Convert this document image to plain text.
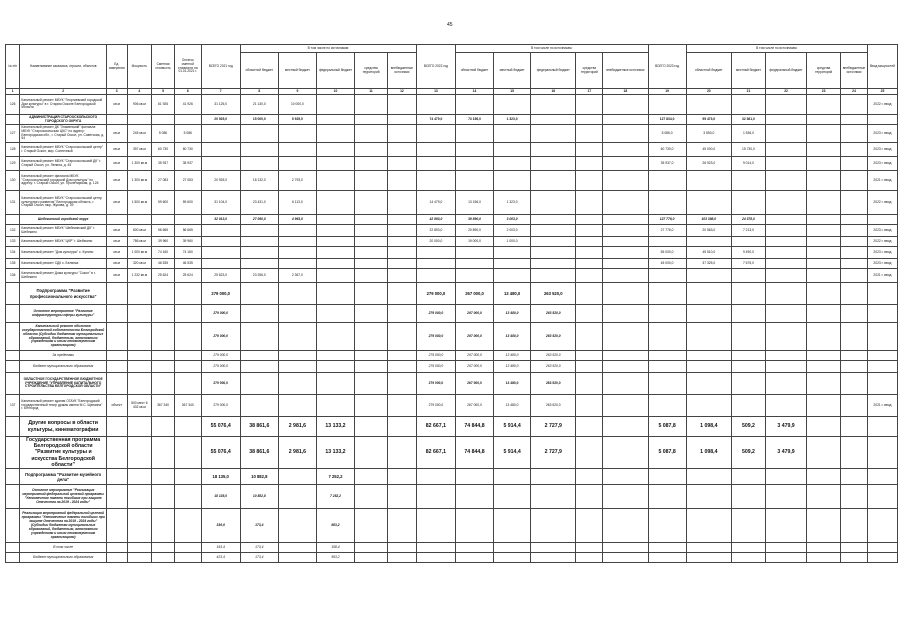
45
№ п/п	Наименование заказчика, отрасли, объектов	Ед. измерения	Мощность	Сметная стоимость	Остаток сметной стоимости на 01.01.2021 г.	ВСЕГО 2021 год	В том числе по источникам:					ВСЕГО 2022 год	В том числе по источникам:					ВСЕГО 2023 год	В том числе по источникам:					Ввод мощностей
							областной бюджет	местный бюджет	федеральный бюджет	средства территорий	внебюджетные источники		областной бюджет	местный бюджет	федеральный бюджет	средства территорий	внебюджетные источники		областной бюджет	местный бюджет	федеральный бюджет	средства территорий	внебюджетные источники	
1	2	3	4	5	6	7	8	9	10	11	12	13	14	15	16	17	18	19	20	21	22	23	24	25
126	Капитальный ремонт МБУК "Георгиевский городской Дом культуры" в г. Старом Осколе Белгородской области	кв.м	906 кв.м	61 926	41 926	31 125,0	21 130,0	10 000,0																2022 г. ввод
	АДМИНИСТРАЦИЯ СТАРООСКОЛЬСКОГО ГОРОДСКОГО ОКРУГА					20 925,0	15 000,0	5 925,0				74 479,0	73 156,0	1 323,0				127 834,0	95 473,0	32 361,0				
127	Капитальный ремонт ДК "Знаменский" филиала МБУК "Старооскольская ЦКС" по адресу: Белгородская обл., г. Старый Оскол, ул. Советская, д. 54	кв.м	245 кв.м	5 086	5 086													5 086,0	3 550,0	1 536,0				2023 г. ввод
128	Капитальный ремонт МБУК "Старооскольский центр" г. Старый Оскол, мкр. Солнечный	кв.м	397 кв.м	60 730	60 730													60 730,0	45 000,0	15 730,0				2023 г. ввод
129	Капитальный ремонт МБУК "Старооскольский ДК" г. Старый Оскол, ул. Ленина, д. 45	кв.м	1 300 кв.м	35 937	35 937													35 937,0	26 923,0	9 014,0				2023 г. ввод
130	Капитальный ремонт филиала МБУК "Старооскольский городской Дом культуры" по адресу: г. Старый Оскол, ул. Пролетарская, д. 126	кв.м	1 300 кв.м	27 083	27 083	20 925,0	18 132,0	2 793,0																2021 г. ввод
131	Капитальный ремонт МБУК "Старооскольский центр культурного развития" Белгородская область, г. Старый Оскол, мкр. Жукова, д. 39	кв.м	1 500 кв.м	59 600	59 600	31 104,0	23 431,0	6 113,0				14 479,0	13 156,0	1 323,0										2022 г. ввод
	Шебекинский городской округ					32 013,0	27 050,0	4 963,0				42 893,0	39 890,0	3 003,0				127 776,0	103 398,0	24 378,0				
132	Капитальный ремонт МБУК "Шебекинский ДК" г. Шебекино	кв.м	600 кв.м	56 665	56 665							22 893,0	20 890,0	2 003,0				27 776,0	20 563,0	7 213,0				2023 г. ввод
133	Капитальный ремонт МБУК "ЦКР" г. Шебекино	кв.м	786 кв.м	39 960	39 960							20 000,0	19 000,0	1 000,0										2022 г. ввод
134	Капитальный ремонт "Дом культуры" с. Купино	кв.м	1 000 кв.м	74 160	74 160													55 000,0	45 510,0	9 490,0				2023 г. ввод
135	Капитальный ремонт СДК с. Белянка	кв.м	320 кв.м	46 535	46 535													45 000,0	37 325,0	7 675,0				2023 г. ввод
136	Капитальный ремонт Дома культуры "Сокол" в г. Шебекино	кв.м	1 232 кв.м	25 624	25 624	25 623,0	23 256,0	2 367,0																2021 г. ввод
	Подпрограмма "Развитие профессионального искусства"					279 000,0						279 000,0	267 000,0	13 480,0	263 520,0									
	Основное мероприятие "Развитие инфраструктуры сферы культуры"					279 000,0						279 000,0	267 000,0	13 480,0	263 520,0									
	Капитальный ремонт объектов государственной собственности Белгородской области (Субсидии бюджетам муниципальных образований, бюджетным, автономным учреждениям и иным некоммерческим организациям)					279 000,0						279 000,0	267 000,0	13 480,0	263 520,0									
	За пределами					279 000,0						279 000,0	267 000,0	13 480,0	263 520,0									
	Бюджет муниципального образования					279 000,0						279 000,0	267 000,0	13 480,0	263 520,0									
	ОБЛАСТНОЕ ГОСУДАРСТВЕННОЕ БЮДЖЕТНОЕ УЧРЕЖДЕНИЕ "УПРАВЛЕНИЕ КАПИТАЛЬНОГО СТРОИТЕЛЬСТВА БЕЛГОРОДСКОЙ ОБЛАСТИ"					279 000,0						279 000,0	267 000,0	13 480,0	263 520,0									
137	Капитальный ремонт здания ОГАУК "Белгородский государственный театр драмы имени М.С. Щепкина" г. Белгород	объект	500 мест 6 432 кв.м	367 340	367 340	279 000,0						279 000,0	267 000,0	13 480,0	263 520,0									2021 г. ввод
	Другие вопросы в области культуры, кинематографии					55 076,4	38 861,6	2 981,6	13 133,2			82 667,1	74 844,8	5 914,4	2 727,9			5 087,8	1 098,4	509,2	3 479,9			
	Государственная программа Белгородской области "Развитие культуры и искусства Белгородской области"					55 076,4	38 861,6	2 981,6	13 133,2			82 667,1	74 844,8	5 914,4	2 727,9			5 087,8	1 098,4	509,2	3 479,9			
	Подпрограмма "Развитие музейного дела"					18 135,0	10 882,8		7 252,2															
	Основное мероприятие "Реализация мероприятий федеральной целевой программы "Увековечение памяти погибших при защите Отечества на 2019 - 2024 годы"					18 135,0	10 882,8		7 252,2															
	Реализация мероприятий федеральной целевой программы "Увековечение памяти погибших при защите Отечества на 2019 - 2024 годы" (Субсидии бюджетам муниципальных образований, бюджетным, автономным учреждениям и иным некоммерческим организациям)					336,6	173,4		683,2															
	В том числе					193,4	173,4		158,4															
	Бюджет муниципального образования					423,4	173,4		593,2															
